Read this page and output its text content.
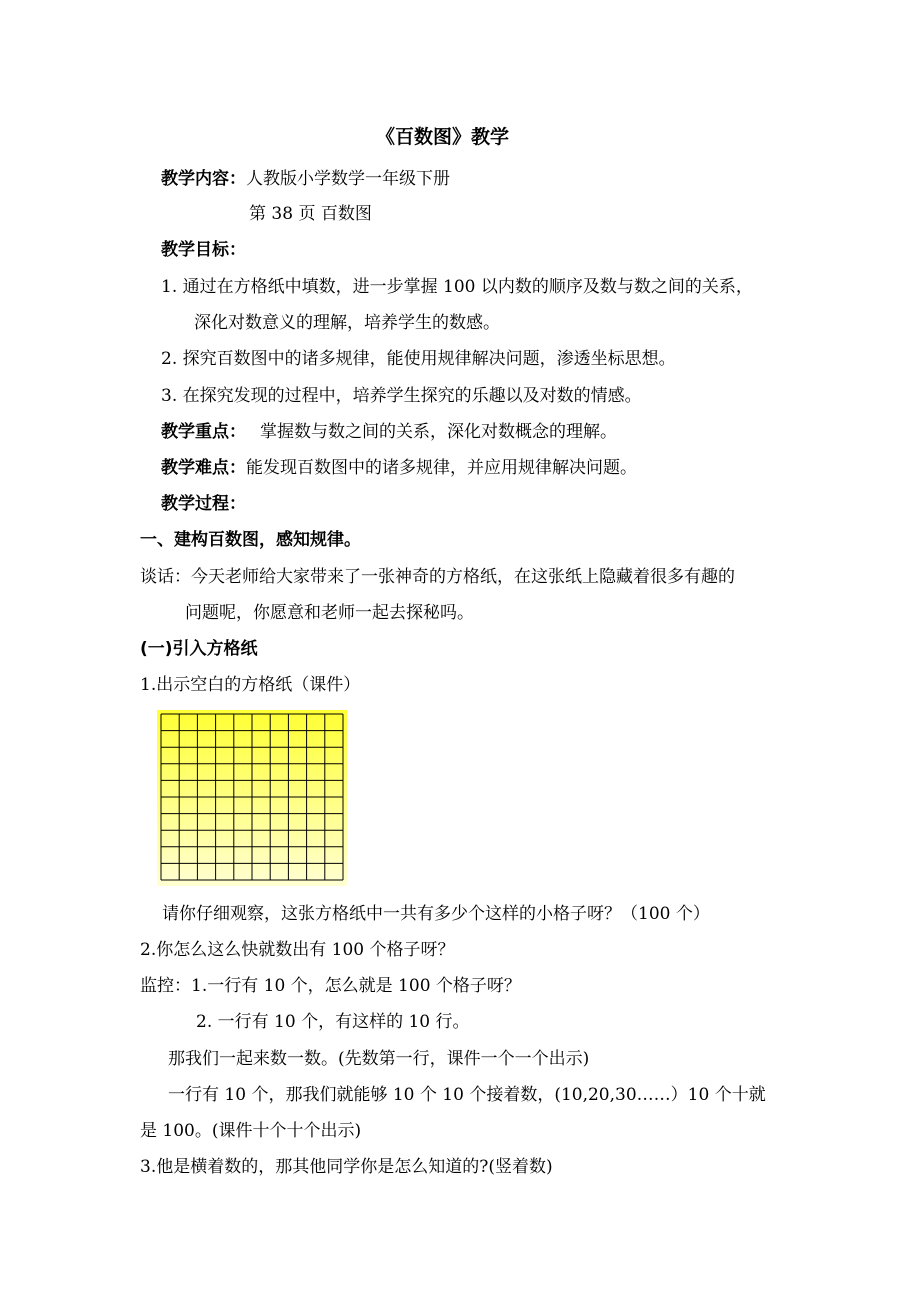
《百数图》教学
教学内容：人教版小学数学一年级下册
第 38 页 百数图
教学目标：
1. 通过在方格纸中填数，进一步掌握 100 以内数的顺序及数与数之间的关系，
深化对数意义的理解，培养学生的数感。
2. 探究百数图中的诸多规律，能使用规律解决问题，渗透坐标思想。
3. 在探究发现的过程中，培养学生探究的乐趣以及对数的情感。
教学重点： 掌握数与数之间的关系，深化对数概念的理解。
教学难点：能发现百数图中的诸多规律，并应用规律解决问题。
教学过程：
一、建构百数图，感知规律。
谈话：今天老师给大家带来了一张神奇的方格纸，在这张纸上隐藏着很多有趣的
问题呢，你愿意和老师一起去探秘吗。
(一)引入方格纸
1.出示空白的方格纸（课件）
请你仔细观察，这张方格纸中一共有多少个这样的小格子呀？（100 个）
2.你怎么这么快就数出有 100 个格子呀？
监控：1.一行有 10 个，怎么就是 100 个格子呀？
2. 一行有 10 个，有这样的 10 行。
那我们一起来数一数。(先数第一行，课件一个一个出示)
一行有 10 个，那我们就能够 10 个 10 个接着数，(10,20,30……）10 个十就
是 100。(课件十个十个出示)
3.他是横着数的，那其他同学你是怎么知道的?(竖着数)
